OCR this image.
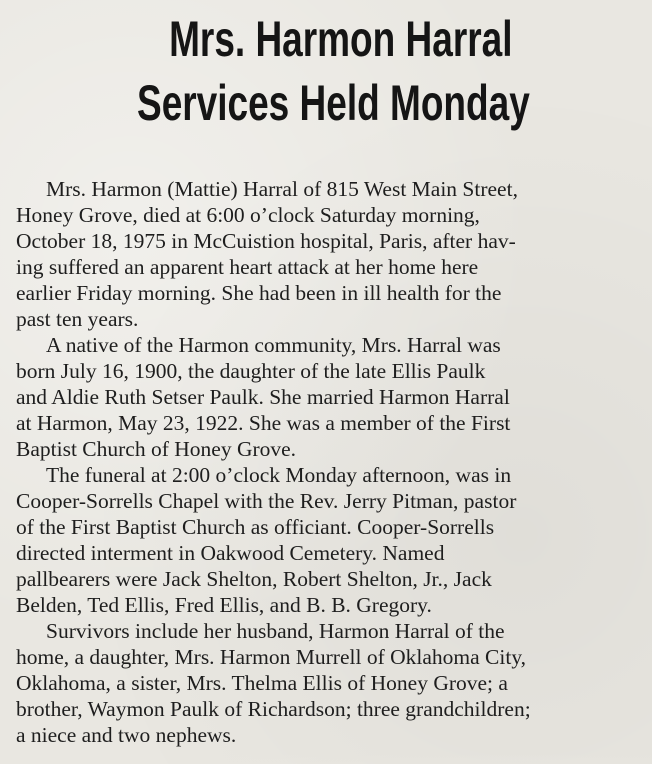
Mrs. Harmon Harral
Services Held Monday

Mrs. Harmon (Mattie) Harral of 815 West Main Street,
Honey Grove, died at 6:00 o’clock Saturday morning,
October 18, 1975 in McCuistion hospital, Paris, after hav-
ing suffered an apparent heart attack at her home here
earlier Friday morning. She had been in ill health for the
past ten years.

A native of the Harmon community, Mrs. Harral was
born July 16, 1900, the daughter of the late Ellis Paulk
and Aldie Ruth Setser Paulk. She married Harmon Harral
at Harmon, May 23, 1922. She was a member of the First
Baptist Church of Honey Grove.

The funeral at 2:00 o’clock Monday afternoon, was in
Cooper-Sorrells Chapel with the Rev. Jerry Pitman, pastor
of the First Baptist Church as officiant. Cooper-Sorrells
directed interment in Oakwood Cemetery. Named
pallbearers were Jack Shelton, Robert Shelton, Jr., Jack
Belden, Ted Ellis, Fred Ellis, and B. B. Gregory.

Survivors include her husband, Harmon Harral of the
home, a daughter, Mrs. Harmon Murrell of Oklahoma City,
Oklahoma, a sister, Mrs. Thelma Ellis of Honey Grove; a
brother, Waymon Paulk of Richardson; three grandchildren;
a niece and two nephews.
